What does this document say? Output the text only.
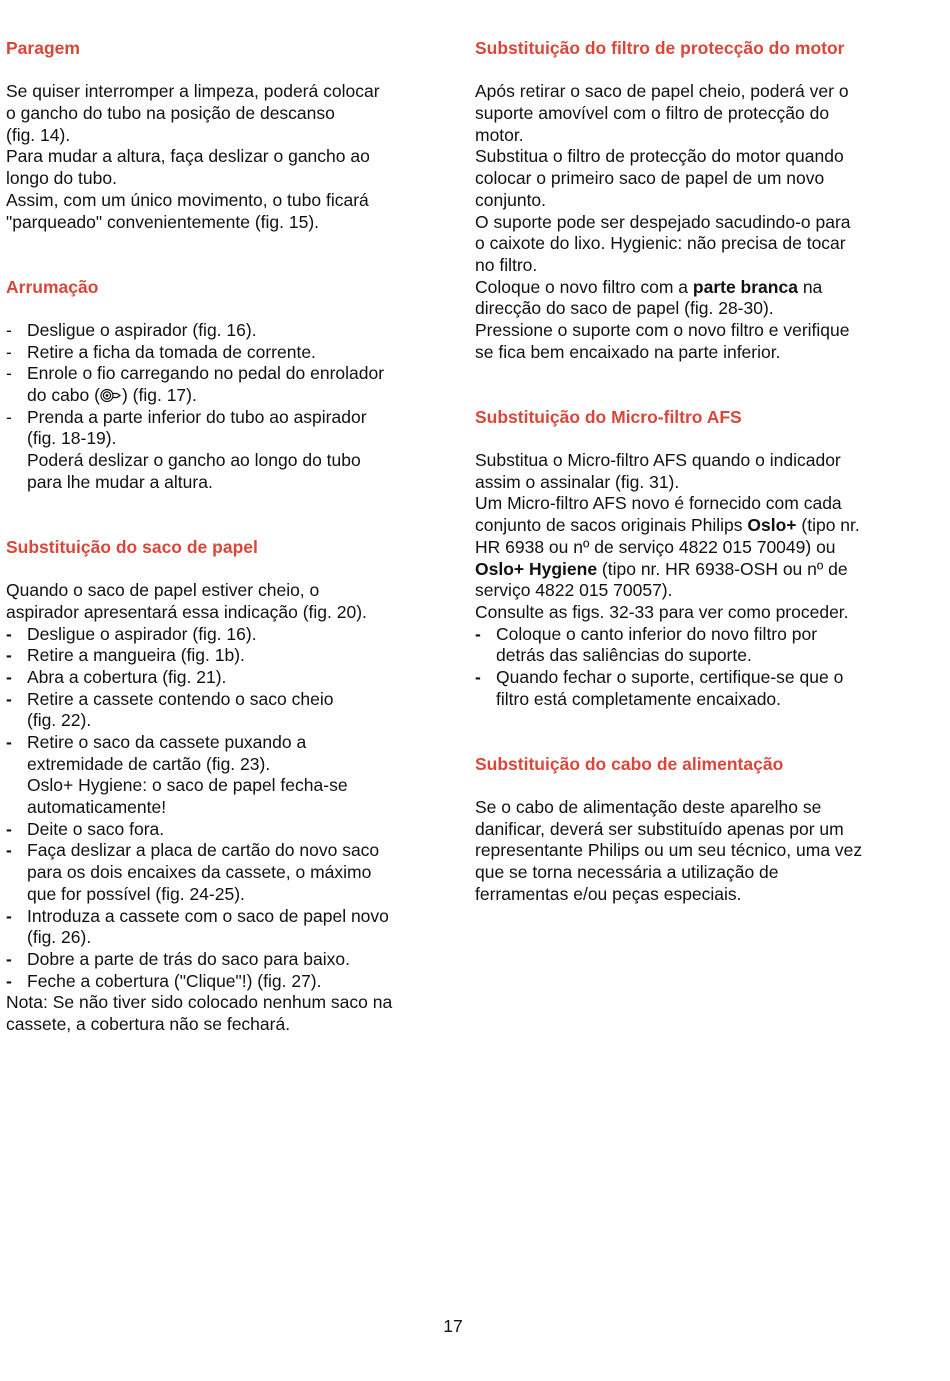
Paragem
Se quiser interromper a limpeza, poderá colocar
o gancho do tubo na posição de descanso
(fig. 14).
Para mudar a altura, faça deslizar o gancho ao
longo do tubo.
Assim, com um único movimento, o tubo ficará
"parqueado" convenientemente (fig. 15).
Arrumação
- Desligue o aspirador (fig. 16).
- Retire a ficha da tomada de corrente.
- Enrole o fio carregando no pedal do enrolador
do cabo ( ) (fig. 17).
- Prenda a parte inferior do tubo ao aspirador
(fig. 18-19).
Poderá deslizar o gancho ao longo do tubo
para lhe mudar a altura.
Substituição do saco de papel
Quando o saco de papel estiver cheio, o
aspirador apresentará essa indicação (fig. 20).
- Desligue o aspirador (fig. 16).
- Retire a mangueira (fig. 1b).
- Abra a cobertura (fig. 21).
- Retire a cassete contendo o saco cheio
(fig. 22).
- Retire o saco da cassete puxando a
extremidade de cartão (fig. 23).
Oslo+ Hygiene: o saco de papel fecha-se
automaticamente!
- Deite o saco fora.
- Faça deslizar a placa de cartão do novo saco
para os dois encaixes da cassete, o máximo
que for possível (fig. 24-25).
- Introduza a cassete com o saco de papel novo
(fig. 26).
- Dobre a parte de trás do saco para baixo.
- Feche a cobertura ("Clique"!) (fig. 27).
Nota: Se não tiver sido colocado nenhum saco na
cassete, a cobertura não se fechará.
Substituição do filtro de protecção do motor
Após retirar o saco de papel cheio, poderá ver o
suporte amovível com o filtro de protecção do
motor.
Substitua o filtro de protecção do motor quando
colocar o primeiro saco de papel de um novo
conjunto.
O suporte pode ser despejado sacudindo-o para
o caixote do lixo. Hygienic: não precisa de tocar
no filtro.
Coloque o novo filtro com a parte branca na
direcção do saco de papel (fig. 28-30).
Pressione o suporte com o novo filtro e verifique
se fica bem encaixado na parte inferior.
Substituição do Micro-filtro AFS
Substitua o Micro-filtro AFS quando o indicador
assim o assinalar (fig. 31).
Um Micro-filtro AFS novo é fornecido com cada
conjunto de sacos originais Philips Oslo+ (tipo nr.
HR 6938 ou nº de serviço 4822 015 70049) ou
Oslo+ Hygiene (tipo nr. HR 6938-OSH ou nº de
serviço 4822 015 70057).
Consulte as figs. 32-33 para ver como proceder.
- Coloque o canto inferior do novo filtro por
detrás das saliências do suporte.
- Quando fechar o suporte, certifique-se que o
filtro está completamente encaixado.
Substituição do cabo de alimentação
Se o cabo de alimentação deste aparelho se
danificar, deverá ser substituído apenas por um
representante Philips ou um seu técnico, uma vez
que se torna necessária a utilização de
ferramentas e/ou peças especiais.
17
